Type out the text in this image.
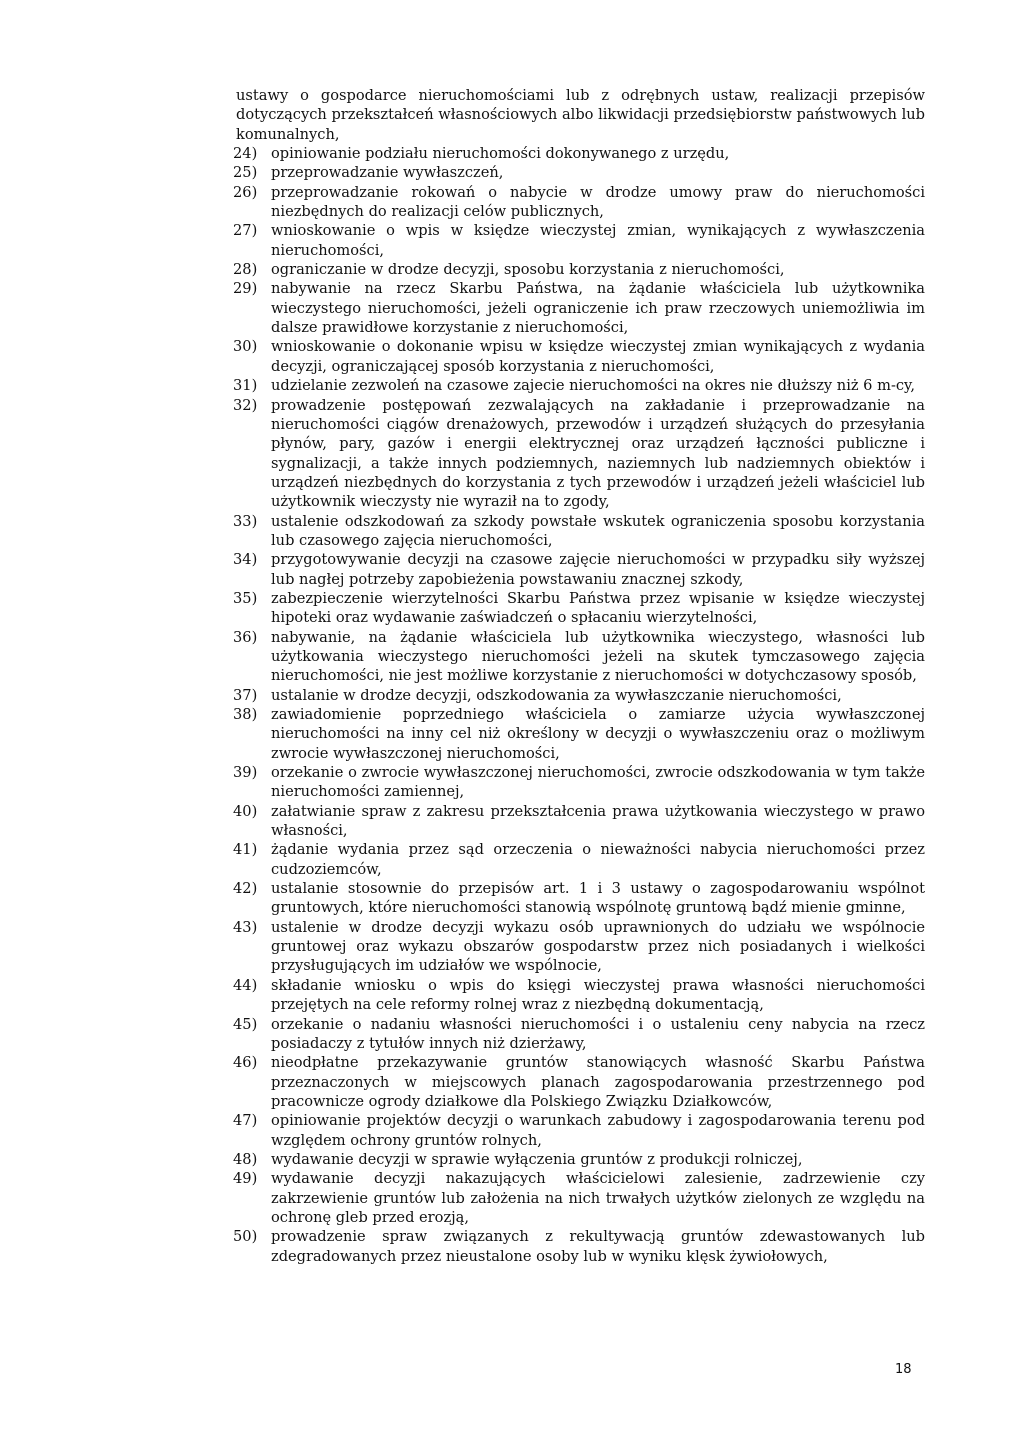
ustawy o gospodarce nieruchomościami lub z odrębnych ustaw, realizacji przepisów dotyczących przekształceń własnościowych albo likwidacji przedsiębiorstw państwowych lub komunalnych,

24) opiniowanie podziału nieruchomości dokonywanego z urzędu,
25) przeprowadzanie wywłaszczeń,
26) przeprowadzanie rokowań o nabycie w drodze umowy praw do nieruchomości niezbędnych do realizacji celów publicznych,
27) wnioskowanie o wpis w księdze wieczystej zmian, wynikających z wywłaszczenia nieruchomości,
28) ograniczanie w drodze decyzji, sposobu korzystania z nieruchomości,
29) nabywanie na rzecz Skarbu Państwa, na żądanie właściciela lub użytkownika wieczystego nieruchomości, jeżeli ograniczenie ich praw rzeczowych uniemożliwia im dalsze prawidłowe korzystanie z nieruchomości,
30) wnioskowanie o dokonanie wpisu w księdze wieczystej zmian wynikających z wydania decyzji, ograniczającej sposób korzystania z nieruchomości,
31) udzielanie zezwoleń na czasowe zajecie nieruchomości na okres nie dłuższy niż 6 m-cy,
32) prowadzenie postępowań zezwalających na zakładanie i przeprowadzanie na nieruchomości ciągów drenażowych, przewodów i urządzeń służących do przesyłania płynów, pary, gazów i energii elektrycznej oraz urządzeń łączności publiczne i sygnalizacji, a także innych podziemnych, naziemnych lub nadziemnych obiektów i urządzeń niezbędnych do korzystania z tych przewodów i urządzeń jeżeli właściciel lub użytkownik wieczysty nie wyraził na to zgody,
33) ustalenie odszkodowań za szkody powstałe wskutek ograniczenia sposobu korzystania lub czasowego zajęcia nieruchomości,
34) przygotowywanie decyzji na czasowe zajęcie nieruchomości w przypadku siły wyższej lub nagłej potrzeby zapobieżenia powstawaniu znacznej szkody,
35) zabezpieczenie wierzytelności Skarbu Państwa przez wpisanie w księdze wieczystej hipoteki oraz wydawanie zaświadczeń o spłacaniu wierzytelności,
36) nabywanie, na żądanie właściciela lub użytkownika wieczystego, własności lub użytkowania wieczystego nieruchomości jeżeli na skutek tymczasowego zajęcia nieruchomości, nie jest możliwe korzystanie z nieruchomości w dotychczasowy sposób,
37) ustalanie w drodze decyzji, odszkodowania za wywłaszczanie nieruchomości,
38) zawiadomienie poprzedniego właściciela o zamiarze użycia wywłaszczonej nieruchomości na inny cel niż określony w decyzji o wywłaszczeniu oraz o możliwym zwrocie wywłaszczonej nieruchomości,
39) orzekanie o zwrocie wywłaszczonej nieruchomości, zwrocie odszkodowania w tym także nieruchomości zamiennej,
40) załatwianie spraw z zakresu przekształcenia prawa użytkowania wieczystego w prawo własności,
41) żądanie wydania przez sąd orzeczenia o nieważności nabycia nieruchomości przez cudzoziemców,
42) ustalanie stosownie do przepisów art. 1 i 3 ustawy o zagospodarowaniu wspólnot gruntowych, które nieruchomości stanowią wspólnotę gruntową bądź mienie gminne,
43) ustalenie w drodze decyzji wykazu osób uprawnionych do udziału we wspólnocie gruntowej oraz wykazu obszarów gospodarstw przez nich posiadanych i wielkości przysługujących im udziałów we wspólnocie,
44) składanie wniosku o wpis do księgi wieczystej prawa własności nieruchomości przejętych na cele reformy rolnej wraz z niezbędną dokumentacją,
45) orzekanie o nadaniu własności nieruchomości i o ustaleniu ceny nabycia na rzecz posiadaczy z tytułów innych niż dzierżawy,
46) nieodpłatne przekazywanie gruntów stanowiących własność Skarbu Państwa przeznaczonych w miejscowych planach zagospodarowania przestrzennego pod pracownicze ogrody działkowe dla Polskiego Związku Działkowców,
47) opiniowanie projektów decyzji o warunkach zabudowy i zagospodarowania terenu pod względem ochrony gruntów rolnych,
48) wydawanie decyzji w sprawie wyłączenia gruntów z produkcji rolniczej,
49) wydawanie decyzji nakazujących właścicielowi zalesienie, zadrzewienie czy zakrzewienie gruntów lub założenia na nich trwałych użytków zielonych ze względu na ochronę gleb przed erozją,
50) prowadzenie spraw związanych z rekultywacją gruntów zdewastowanych lub zdegradowanych przez nieustalone osoby lub w wyniku klęsk żywiołowych,
18
